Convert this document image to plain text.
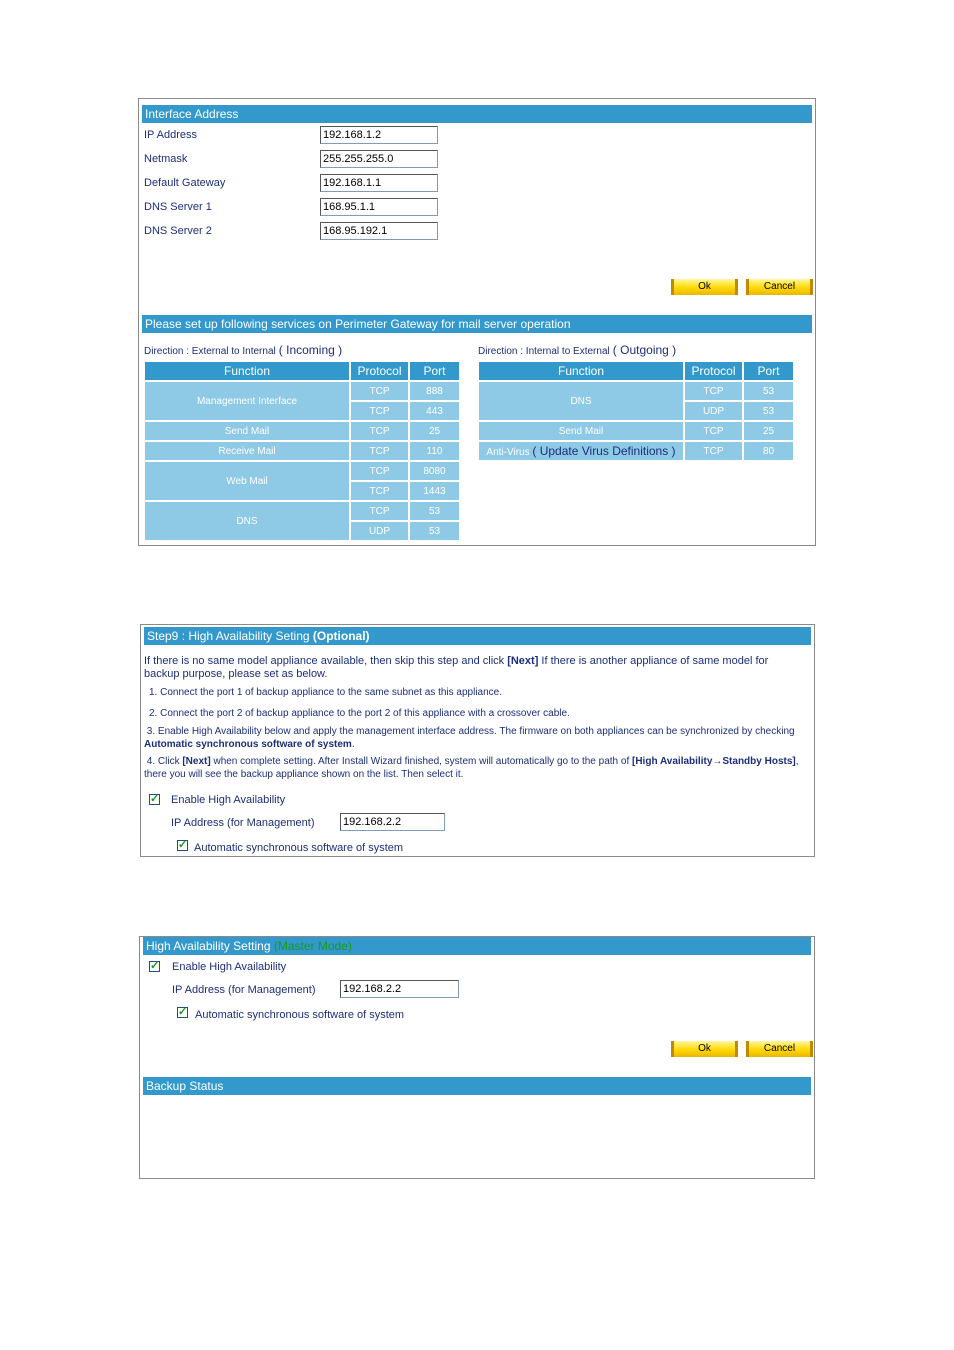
Interface Address
IP Address	192.168.1.2
Netmask	255.255.255.0
Default Gateway	192.168.1.1
DNS Server 1	168.95.1.1
DNS Server 2	168.95.192.1
Ok	Cancel
Please set up following services on Perimeter Gateway for mail server operation
Direction : External to Internal ( Incoming )
Function	Protocol	Port
Management Interface	TCP	888
	TCP	443
Send Mail	TCP	25
Receive Mail	TCP	110
Web Mail	TCP	8080
	TCP	1443
DNS	TCP	53
	UDP	53
Direction : Internal to External ( Outgoing )
Function	Protocol	Port
DNS	TCP	53
	UDP	53
Send Mail	TCP	25
Anti-Virus ( Update Virus Definitions )	TCP	80
Step9 : High Availability Seting (Optional)
If there is no same model appliance available, then skip this step and click [Next] If there is another appliance of same model for backup purpose, please set as below.
1. Connect the port 1 of backup appliance to the same subnet as this appliance.
2. Connect the port 2 of backup appliance to the port 2 of this appliance with a crossover cable.
3. Enable High Availability below and apply the management interface address. The firmware on both appliances can be synchronized by checking Automatic synchronous software of system.
4. Click [Next] when complete setting. After Install Wizard finished, system will automatically go to the path of [High Availability→Standby Hosts], there you will see the backup appliance shown on the list. Then select it.
✓ Enable High Availability
IP Address (for Management)	192.168.2.2
✓ Automatic synchronous software of system
High Availability Setting (Master Mode)
✓ Enable High Availability
IP Address (for Management)	192.168.2.2
✓ Automatic synchronous software of system
Ok	Cancel
Backup Status
